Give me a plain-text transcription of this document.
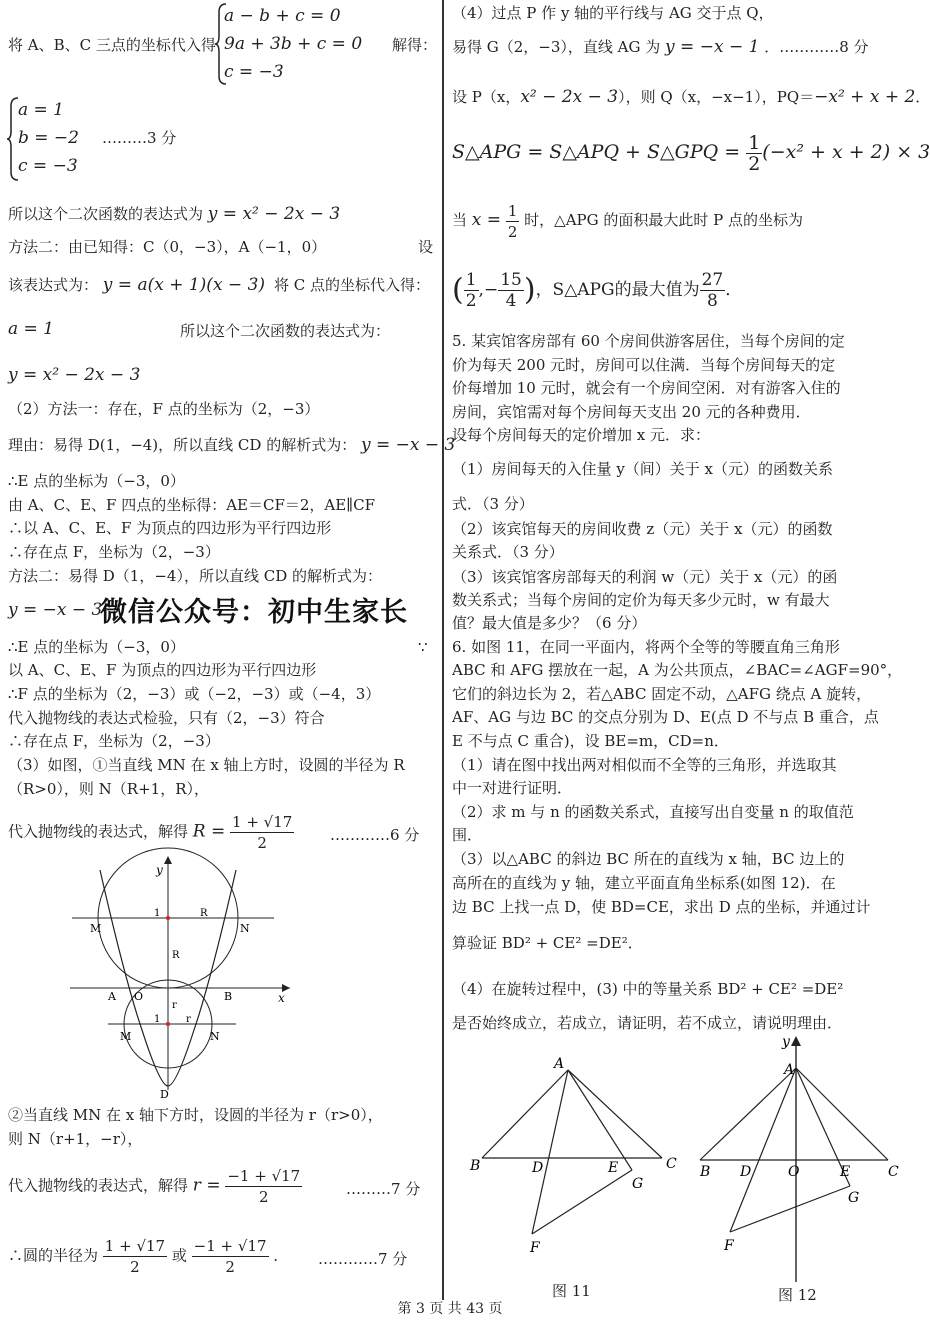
将 A、B、C 三点的坐标代入得
a − b + c = 0
9a + 3b + c = 0
c = −3
解得：
a = 1
b = −2
c = −3
………3 分
所以这个二次函数的表达式为 y = x² − 2x − 3
方法二：由已知得：C（0，−3），A（−1，0）	设
该表达式为： y = a(x + 1)(x − 3) 将 C 点的坐标代入得：
a = 1	所以这个二次函数的表达式为：
y = x² − 2x − 3
（2）方法一：存在，F 点的坐标为（2，−3）
理由：易得 D(1，−4)，所以直线 CD 的解析式为： y = −x − 3
∴E 点的坐标为（−3，0）
由 A、C、E、F 四点的坐标得：AE＝CF＝2，AE∥CF
∴以 A、C、E、F 为顶点的四边形为平行四边形
∴存在点 F，坐标为（2，−3）
方法二：易得 D（1，−4），所以直线 CD 的解析式为：
y = −x − 3
微信公众号：初中生家长
∴E 点的坐标为（−3，0）	∵
以 A、C、E、F 为顶点的四边形为平行四边形
∴F 点的坐标为（2，−3）或（−2，−3）或（−4，3）
代入抛物线的表达式检验，只有（2，−3）符合
∴存在点 F，坐标为（2，−3）
（3）如图，①当直线 MN 在 x 轴上方时，设圆的半径为 R
（R>0），则 N（R+1，R），
代入抛物线的表达式，解得 $R = \frac{1 + √17}{2}$ …………6 分
y
x
M	N
A O	B
D
R
R
1
1
r
r
M	N
②当直线 MN 在 x 轴下方时，设圆的半径为 r（r>0），
则 N（r+1，−r），
代入抛物线的表达式，解得 $r = \frac{-1 + √17}{2}$	………7 分
∴圆的半径为 $\frac{1 + √17}{2}$ 或 $\frac{-1 + √17}{2}$ ． …………7 分
（4）过点 P 作 y 轴的平行线与 AG 交于点 Q，
易得 G（2，−3），直线 AG 为 y = −x − 1 ．…………8 分
设 P（x，x² − 2x − 3），则 Q（x，−x−1），PQ＝−x² + x + 2．
S△APG = S△APQ + S△GPQ = $\frac{1}{2} (-x^2 + x + 2) \times 3$
当 $x = \frac{1}{2}$ 时，△APG 的面积最大此时 P 点的坐标为
( $\frac{1}{2}$ ,− $\frac{15}{4}$ )，S△APG的最大值为 $\frac{27}{8}$ ．
5. 某宾馆客房部有 60 个房间供游客居住，当每个房间的定
价为每天 200 元时，房间可以住满．当每个房间每天的定
价每增加 10 元时，就会有一个房间空闲．对有游客入住的
房间，宾馆需对每个房间每天支出 20 元的各种费用．
设每个房间每天的定价增加 x 元．求：
（1）房间每天的入住量 y（间）关于 x（元）的函数关系
式．（3 分）
（2）该宾馆每天的房间收费 z（元）关于 x（元）的函数
关系式．（3 分）
（3）该宾馆客房部每天的利润 w（元）关于 x（元）的函
数关系式；当每个房间的定价为每天多少元时，w 有最大
值？最大值是多少？（6 分）
6. 如图 11，在同一平面内，将两个全等的等腰直角三角形
ABC 和 AFG 摆放在一起，A 为公共顶点，∠BAC=∠AGF=90°，
它们的斜边长为 2，若△ABC 固定不动，△AFG 绕点 A 旋转，
AF、AG 与边 BC 的交点分别为 D、E(点 D 不与点 B 重合，点
E 不与点 C 重合)，设 BE=m，CD=n．
（1）请在图中找出两对相似而不全等的三角形，并选取其
中一对进行证明．
（2）求 m 与 n 的函数关系式，直接写出自变量 n 的取值范
围．
（3）以△ABC 的斜边 BC 所在的直线为 x 轴，BC 边上的
高所在的直线为 y 轴，建立平面直角坐标系(如图 12)．在
边 BC 上找一点 D，使 BD=CE，求出 D 点的坐标，并通过计
算验证 BD² + CE² =DE²．
（4）在旋转过程中，(3) 中的等量关系 BD² + CE² =DE²
是否始终成立，若成立，请证明，若不成立，请说明理由．
A
B	C
D	E
F
G
图 11
A
y
B	C
D	O	E
F
G
图 12
第 3 页 共 43 页
